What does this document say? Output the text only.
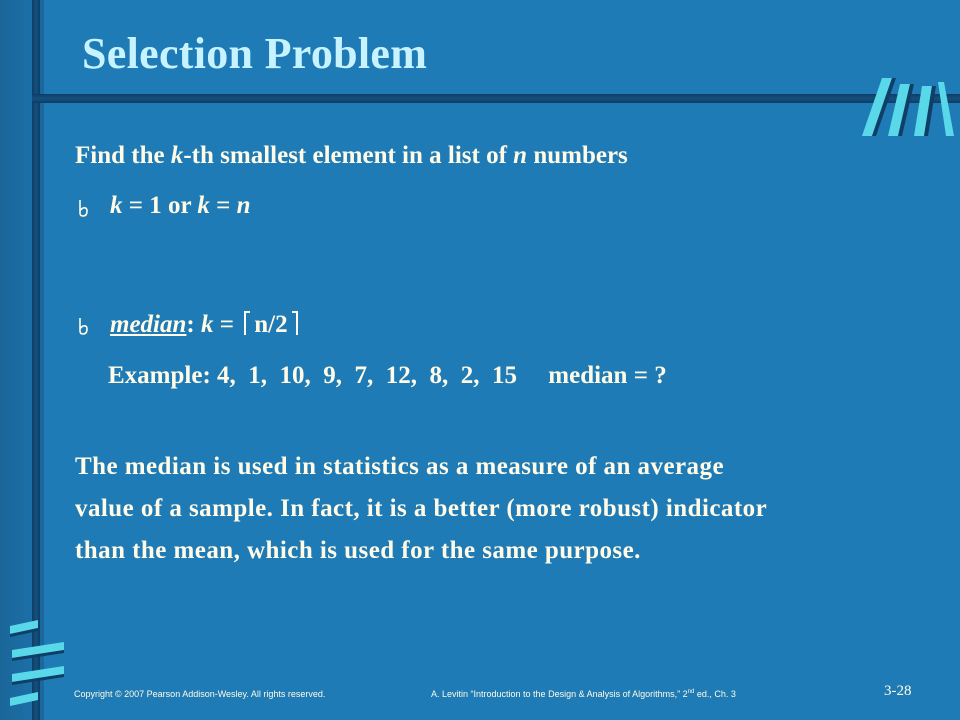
Selection Problem
Find the k-th smallest element in a list of n numbers
k = 1 or k = n
median: k = n/2
Example: 4,  1,  10,  9,  7,  12,  8,  2,  15     median = ?
The median is used in statistics as a measure of an average
value of a sample. In fact, it is a better (more robust) indicator
than the mean, which is used for the same purpose.
Copyright © 2007 Pearson Addison-Wesley. All rights reserved.	A. Levitin “Introduction to the Design & Analysis of Algorithms,” 2nd ed., Ch. 3	3-28
